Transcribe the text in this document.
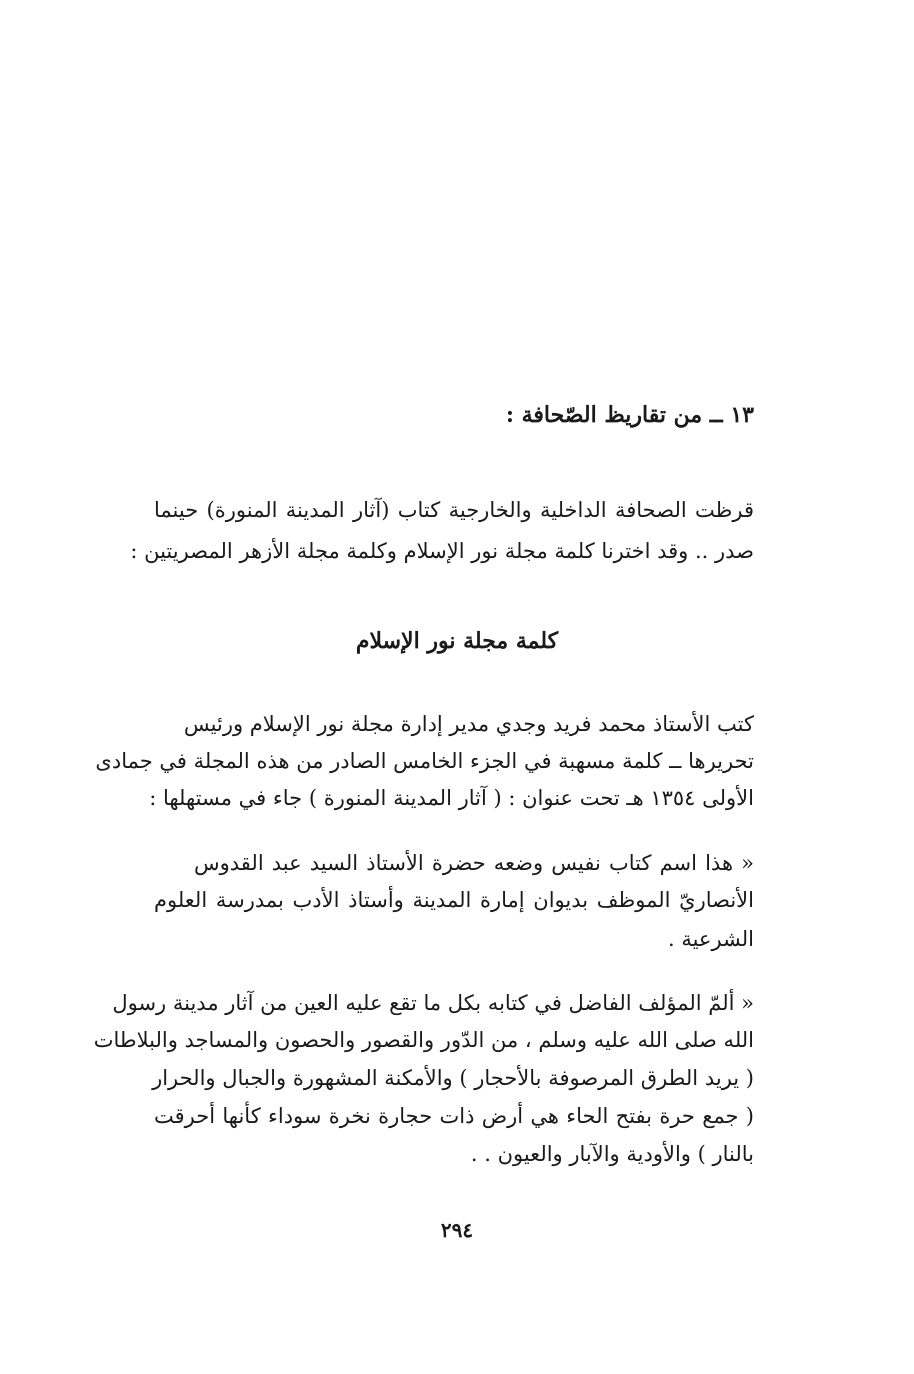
١٣ ــ من تقاريظ الصّحافة :
قرظت الصحافة الداخلية والخارجية كتاب (آثار المدينة المنورة) حينما
صدر .. وقد اخترنا كلمة مجلة نور الإسلام وكلمة مجلة الأزهر المصريتين :
كلمة مجلة نور الإسلام
كتب الأستاذ محمد فريد وجدي مدير إدارة مجلة نور الإسلام ورئيس
تحريرها ــ كلمة مسهبة في الجزء الخامس الصادر من هذه المجلة في جمادى
الأولى ١٣٥٤ هـ تحت عنوان : ( آثار المدينة المنورة ) جاء في مستهلها :
« هذا اسم كتاب نفيس وضعه حضرة الأستاذ السيد عبد القدوس
الأنصاريّ الموظف بديوان إمارة المدينة وأستاذ الأدب بمدرسة العلوم
الشرعية .
« ألمّ المؤلف الفاضل في كتابه بكل ما تقع عليه العين من آثار مدينة رسول
الله صلى الله عليه وسلم ، من الدّور والقصور والحصون والمساجد والبلاطات
( يريد الطرق المرصوفة بالأحجار ) والأمكنة المشهورة والجبال والحرار
( جمع حرة بفتح الحاء هي أرض ذات حجارة نخرة سوداء كأنها أحرقت
بالنار ) والأودية والآبار والعيون . .
٢٩٤
